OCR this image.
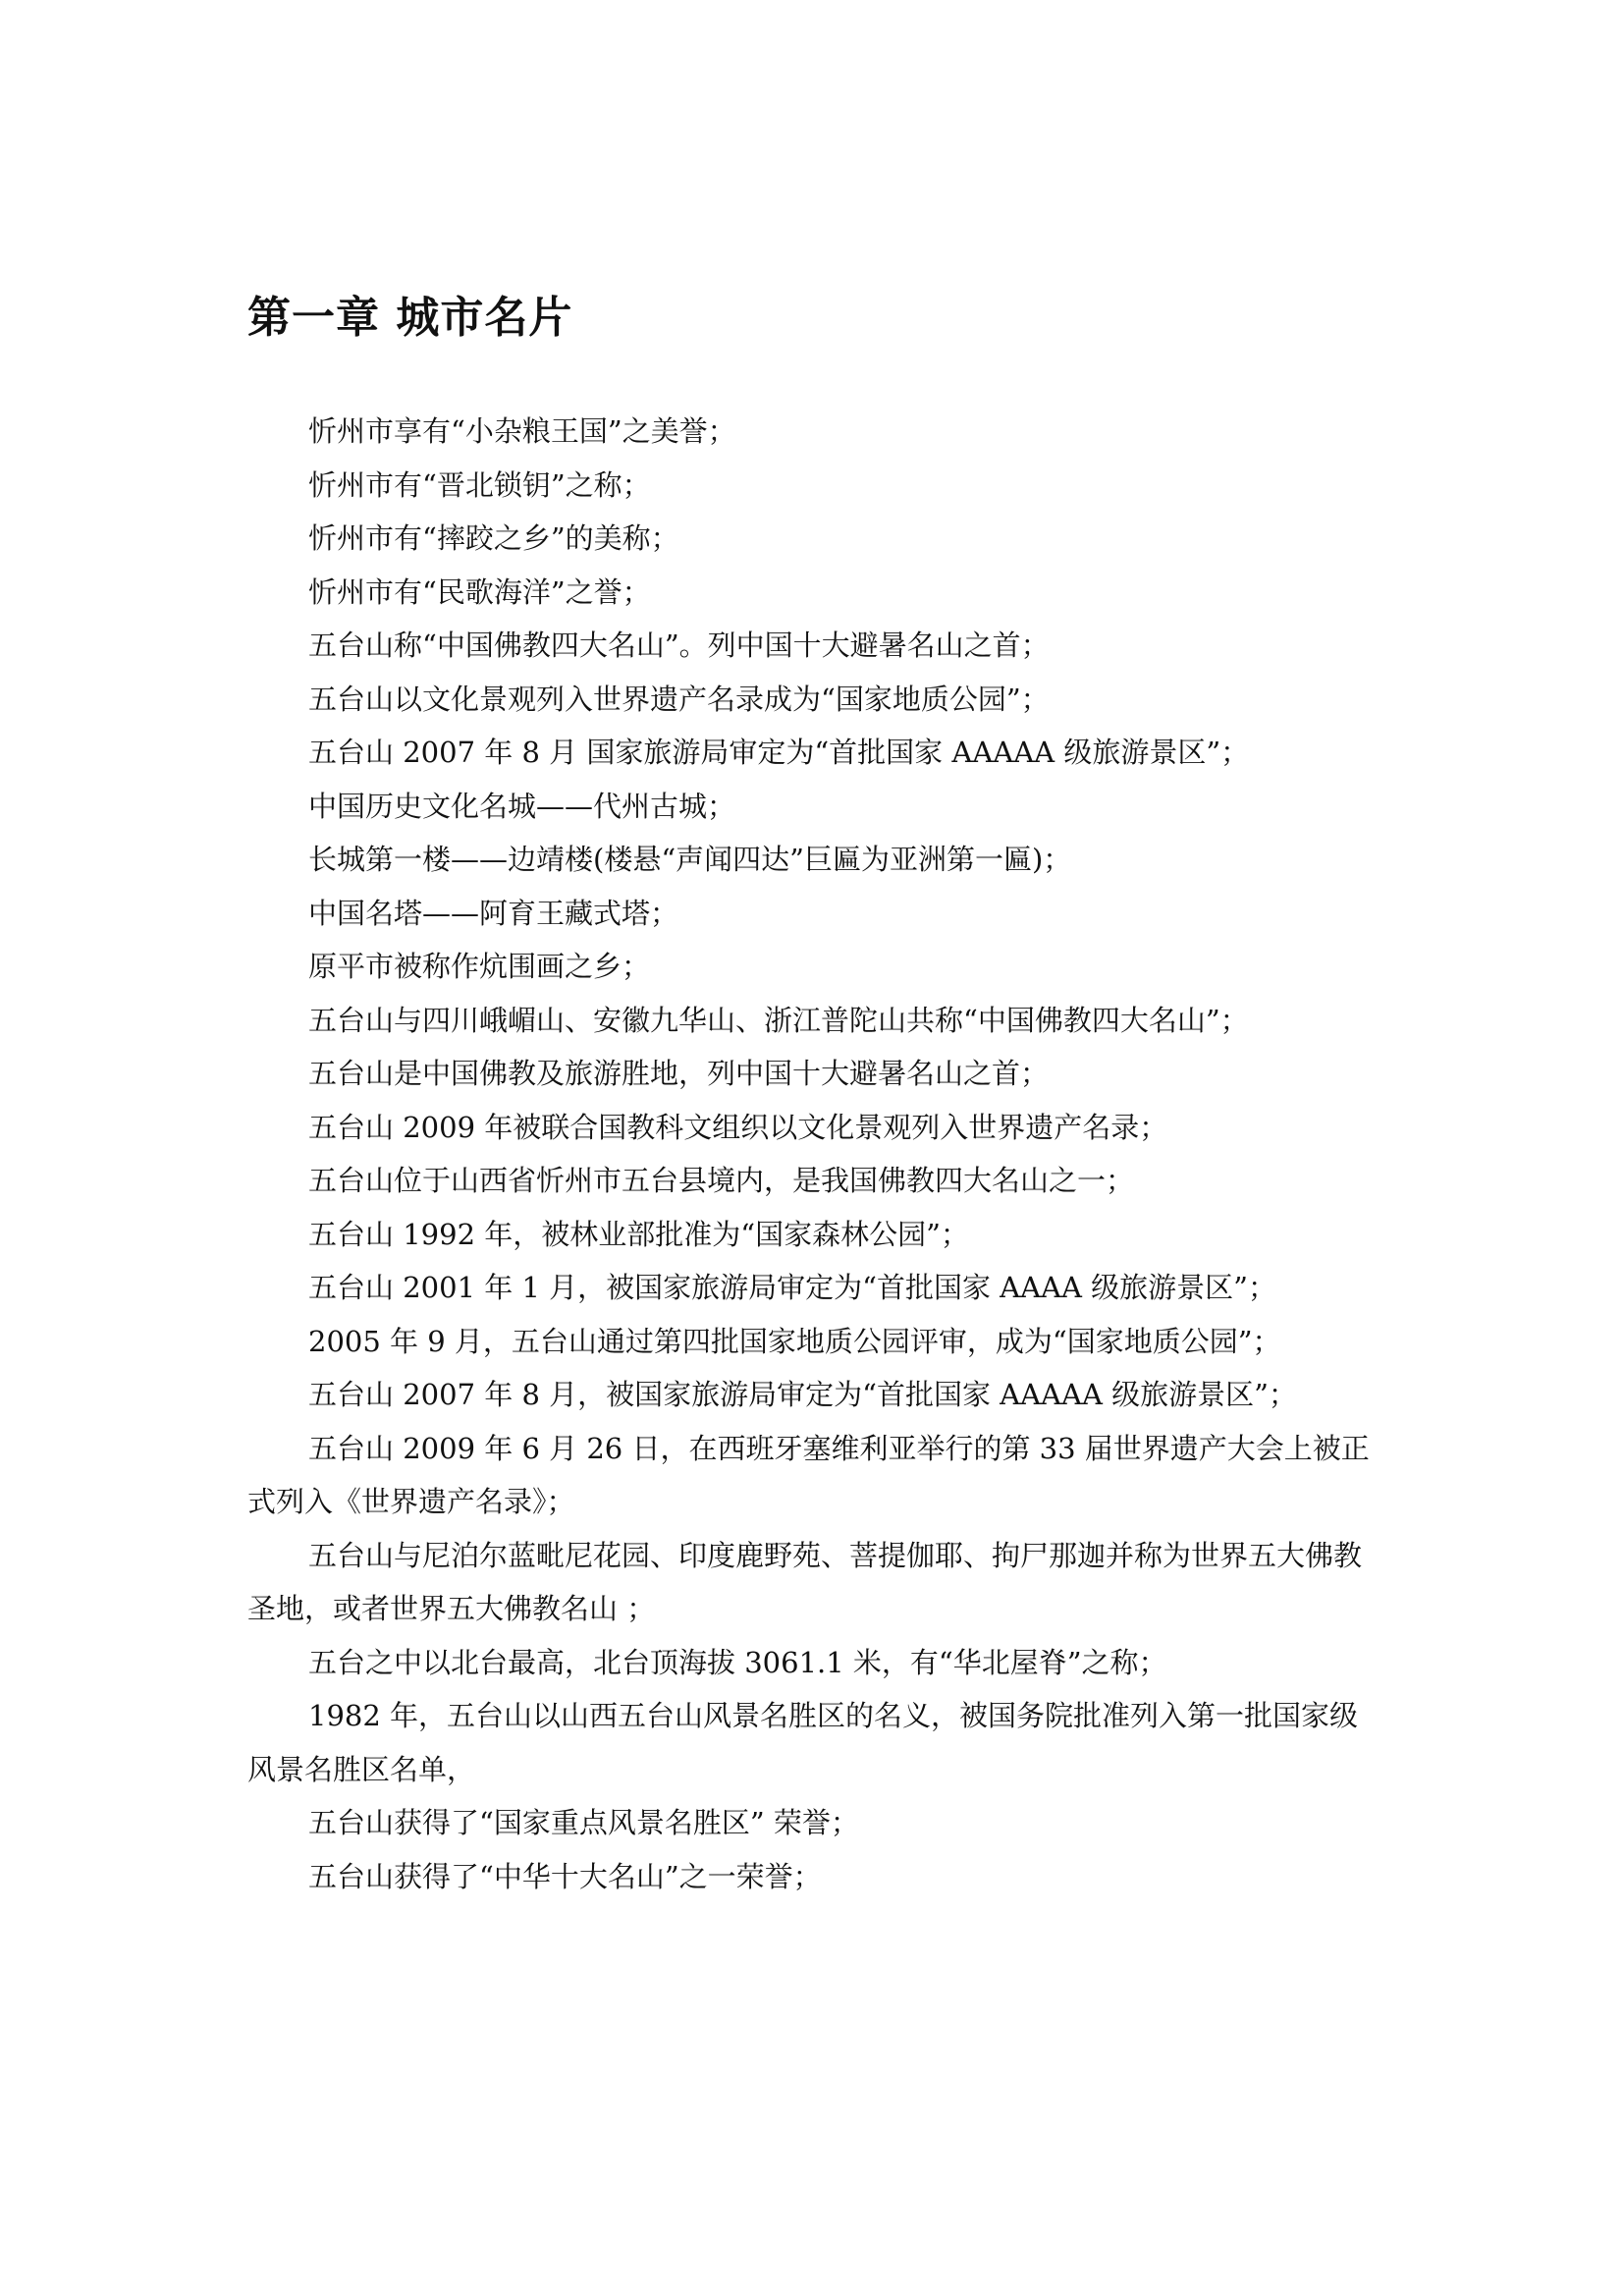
第一章 城市名片

忻州市享有“小杂粮王国”之美誉；

忻州市有“晋北锁钥”之称；

忻州市有“摔跤之乡”的美称；

忻州市有“民歌海洋”之誉；

五台山称“中国佛教四大名山”。列中国十大避暑名山之首；

五台山以文化景观列入世界遗产名录成为“国家地质公园”；

五台山 2007 年 8 月 国家旅游局审定为“首批国家 AAAAA 级旅游景区”；

中国历史文化名城——代州古城；

长城第一楼——边靖楼(楼悬“声闻四达”巨匾为亚洲第一匾)；

中国名塔——阿育王藏式塔；

原平市被称作炕围画之乡；

五台山与四川峨嵋山、安徽九华山、浙江普陀山共称“中国佛教四大名山”；

五台山是中国佛教及旅游胜地，列中国十大避暑名山之首；

五台山 2009 年被联合国教科文组织以文化景观列入世界遗产名录；

五台山位于山西省忻州市五台县境内，是我国佛教四大名山之一；

五台山 1992 年，被林业部批准为“国家森林公园”；

五台山 2001 年 1 月，被国家旅游局审定为“首批国家 AAAA 级旅游景区”；

2005 年 9 月，五台山通过第四批国家地质公园评审，成为“国家地质公园”；

五台山 2007 年 8 月，被国家旅游局审定为“首批国家 AAAAA 级旅游景区”；

五台山 2009 年 6 月 26 日，在西班牙塞维利亚举行的第 33 届世界遗产大会上被正式列入《世界遗产名录》；

五台山与尼泊尔蓝毗尼花园、印度鹿野苑、菩提伽耶、拘尸那迦并称为世界五大佛教圣地，或者世界五大佛教名山 ；

五台之中以北台最高，北台顶海拔 3061.1 米，有“华北屋脊”之称；

1982 年，五台山以山西五台山风景名胜区的名义，被国务院批准列入第一批国家级风景名胜区名单，

五台山获得了“国家重点风景名胜区” 荣誉；

五台山获得了“中华十大名山”之一荣誉；
